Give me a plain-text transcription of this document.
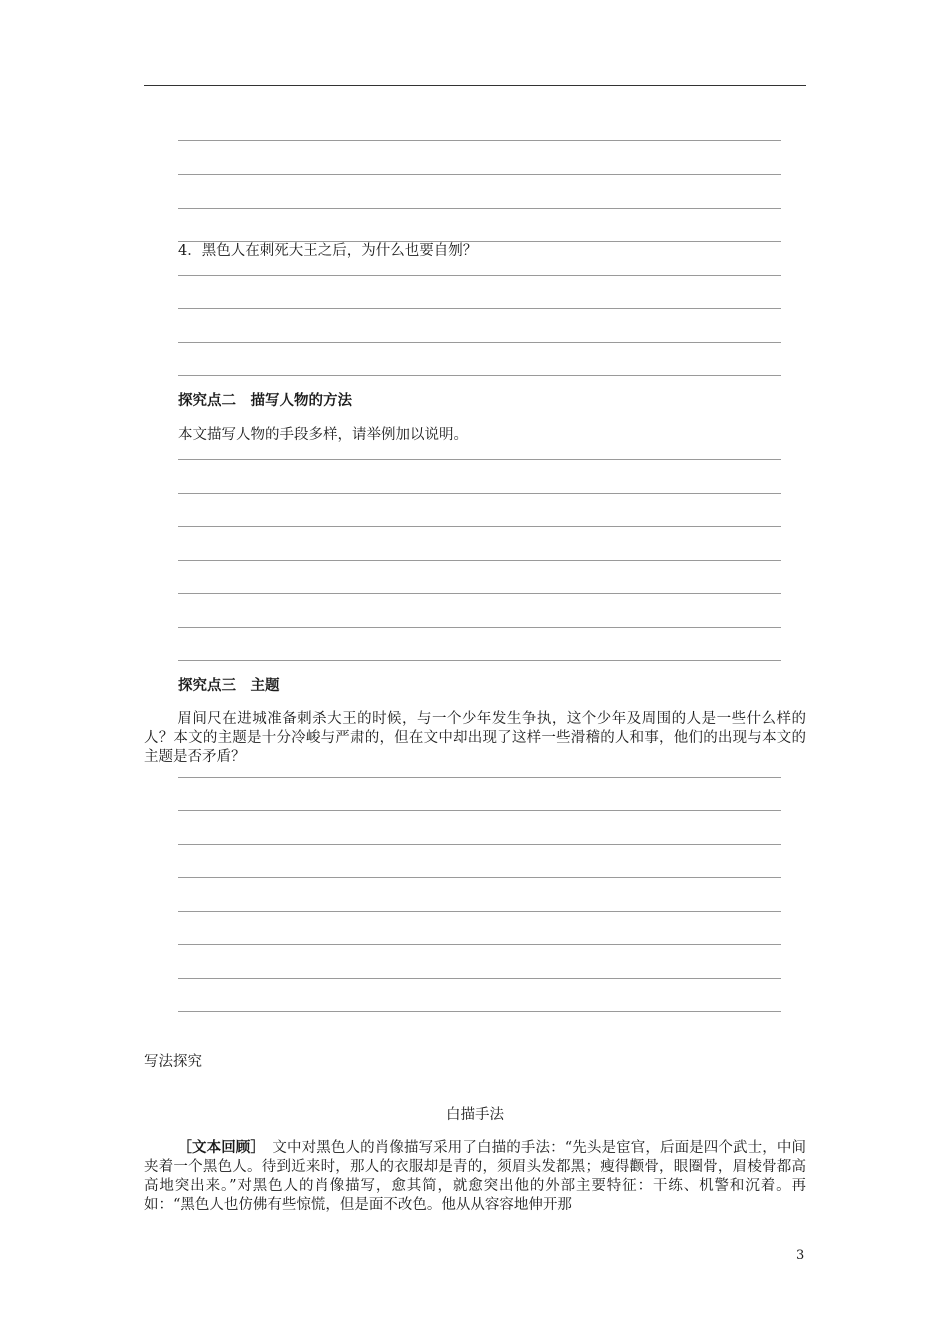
4．黑色人在刺死大王之后，为什么也要自刎？
探究点二　描写人物的方法
本文描写人物的手段多样，请举例加以说明。
探究点三　主题
眉间尺在进城准备刺杀大王的时候，与一个少年发生争执，这个少年及周围的人是一些什么样的人？本文的主题是十分冷峻与严肃的，但在文中却出现了这样一些滑稽的人和事，他们的出现与本文的主题是否矛盾？
写法探究
白描手法
［文本回顾］　文中对黑色人的肖像描写采用了白描的手法：“先头是宦官，后面是四个武士，中间夹着一个黑色人。待到近来时，那人的衣服却是青的，须眉头发都黑；瘦得颧骨，眼圈骨，眉棱骨都高高地突出来。”对黑色人的肖像描写，愈其简，就愈突出他的外部主要特征：干练、机警和沉着。再如：“黑色人也仿佛有些惊慌，但是面不改色。他从从容容地伸开那
3
